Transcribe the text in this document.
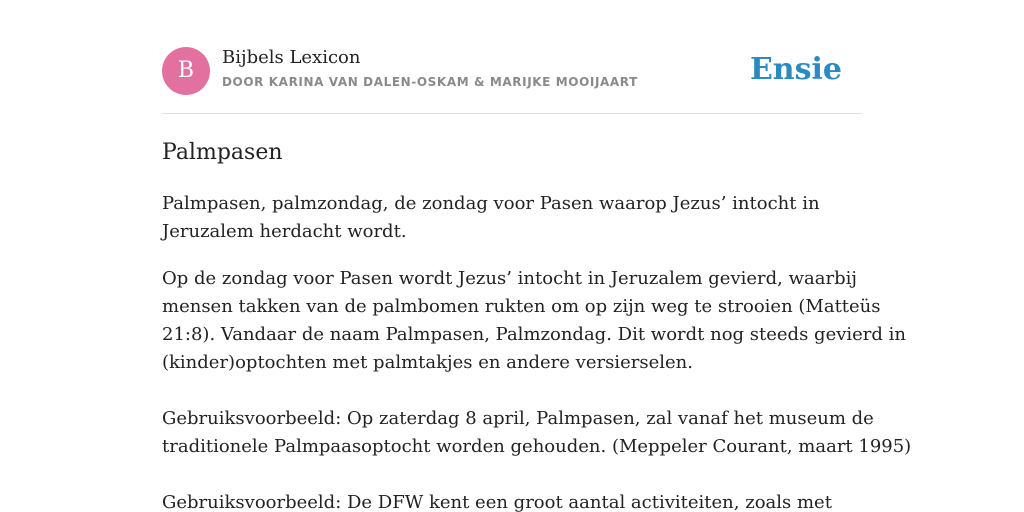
B
Bijbels Lexicon
DOOR KARINA VAN DALEN-OSKAM & MARIJKE MOOIJAART	Ensie
Palmpasen

Palmpasen, palmzondag, de zondag voor Pasen waarop Jezus’ intocht in
Jeruzalem herdacht wordt.

Op de zondag voor Pasen wordt Jezus’ intocht in Jeruzalem gevierd, waarbij
mensen takken van de palmbomen rukten om op zijn weg te strooien (Matteüs
21:8). Vandaar de naam Palmpasen, Palmzondag. Dit wordt nog steeds gevierd in
(kinder)optochten met palmtakjes en andere versierselen.
Gebruiksvoorbeeld: Op zaterdag 8 april, Palmpasen, zal vanaf het museum de
traditionele Palmpaasoptocht worden gehouden. (Meppeler Courant, maart 1995)
Gebruiksvoorbeeld: De DFW kent een groot aantal activiteiten, zoals met
